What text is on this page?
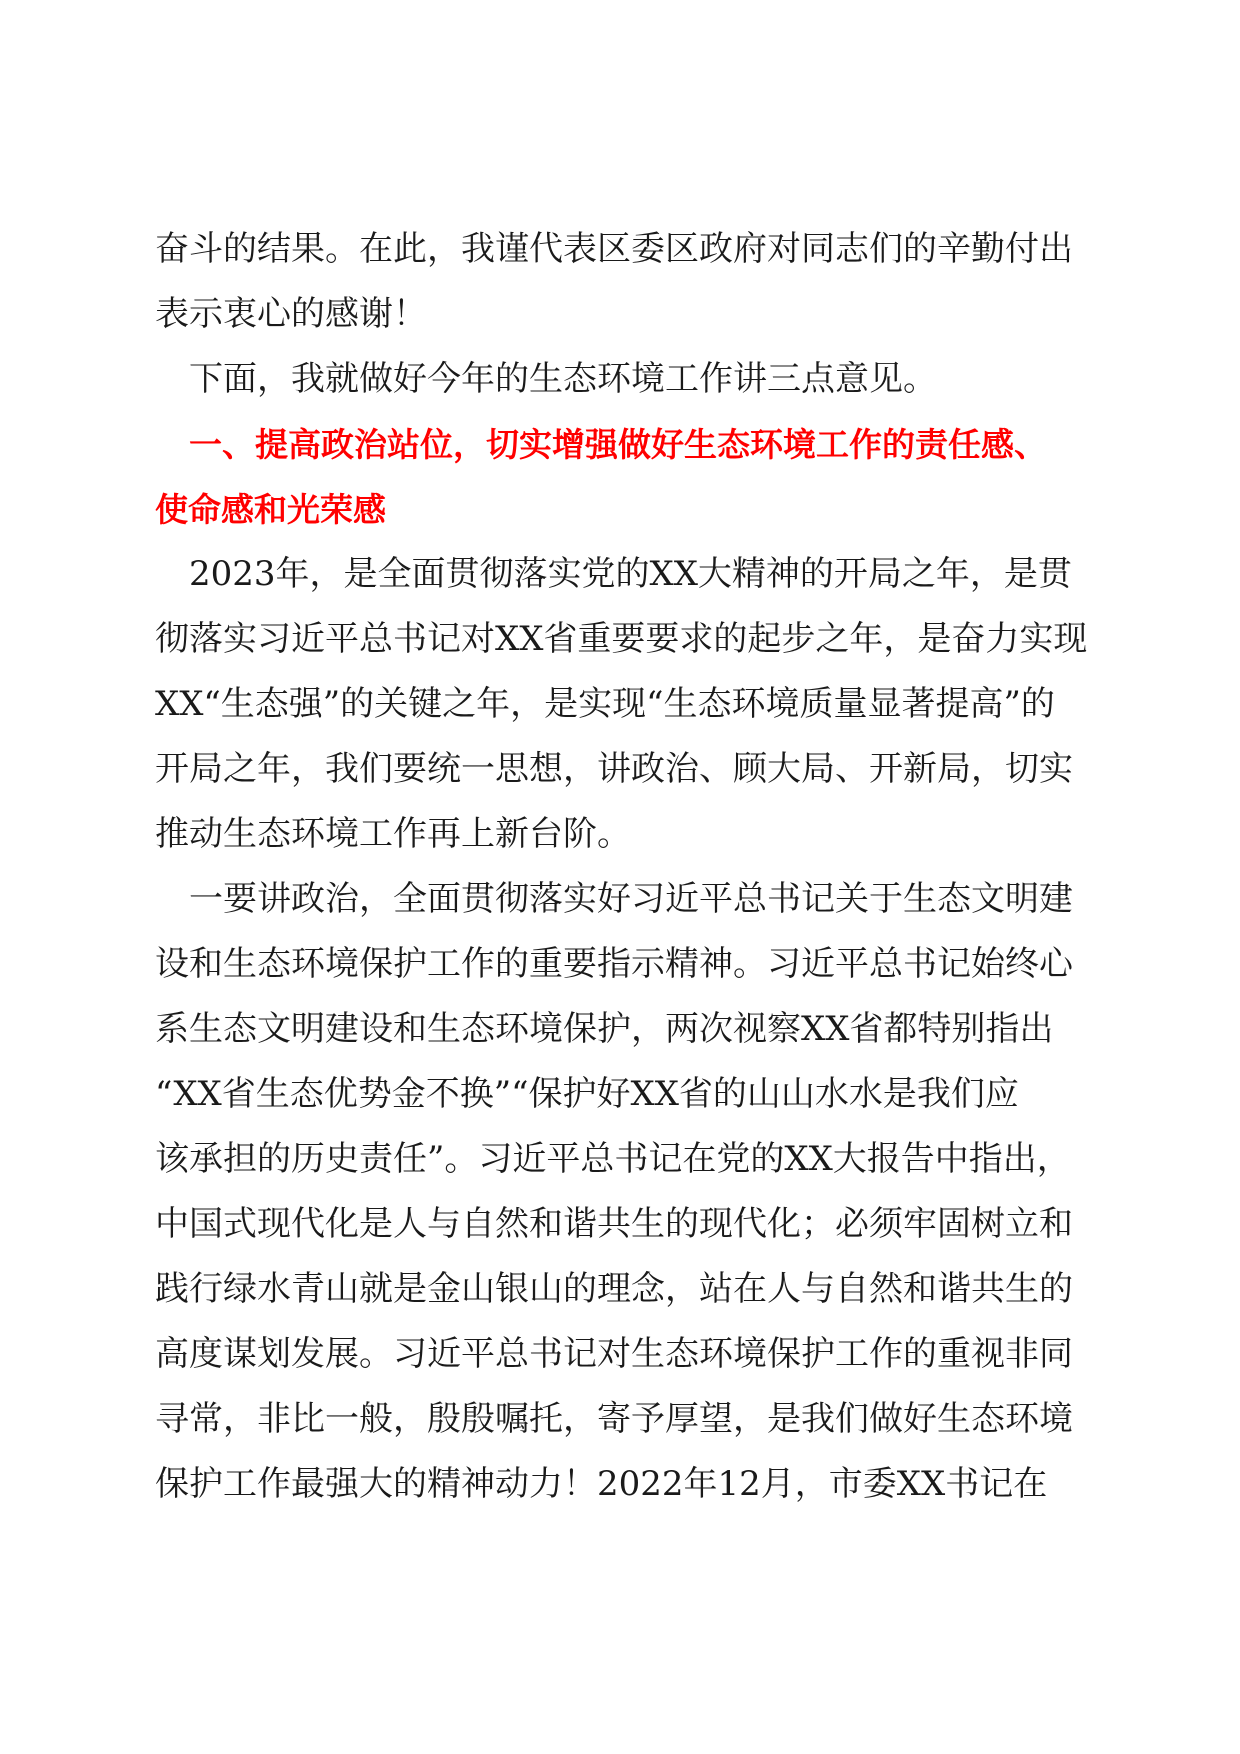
奋斗的结果。在此，我谨代表区委区政府对同志们的辛勤付出
表示衷心的感谢！
下面，我就做好今年的生态环境工作讲三点意见。
一、提高政治站位，切实增强做好生态环境工作的责任感、
使命感和光荣感
2023年，是全面贯彻落实党的XX大精神的开局之年，是贯
彻落实习近平总书记对XX省重要要求的起步之年，是奋力实现
XX“生态强”的关键之年，是实现“生态环境质量显著提高”的
开局之年，我们要统一思想，讲政治、顾大局、开新局，切实
推动生态环境工作再上新台阶。
一要讲政治，全面贯彻落实好习近平总书记关于生态文明建
设和生态环境保护工作的重要指示精神。习近平总书记始终心
系生态文明建设和生态环境保护，两次视察XX省都特别指出
“XX省生态优势金不换”“保护好XX省的山山水水是我们应
该承担的历史责任”。习近平总书记在党的XX大报告中指出，
中国式现代化是人与自然和谐共生的现代化；必须牢固树立和
践行绿水青山就是金山银山的理念，站在人与自然和谐共生的
高度谋划发展。习近平总书记对生态环境保护工作的重视非同
寻常，非比一般，殷殷嘱托，寄予厚望，是我们做好生态环境
保护工作最强大的精神动力！2022年12月，市委XX书记在
